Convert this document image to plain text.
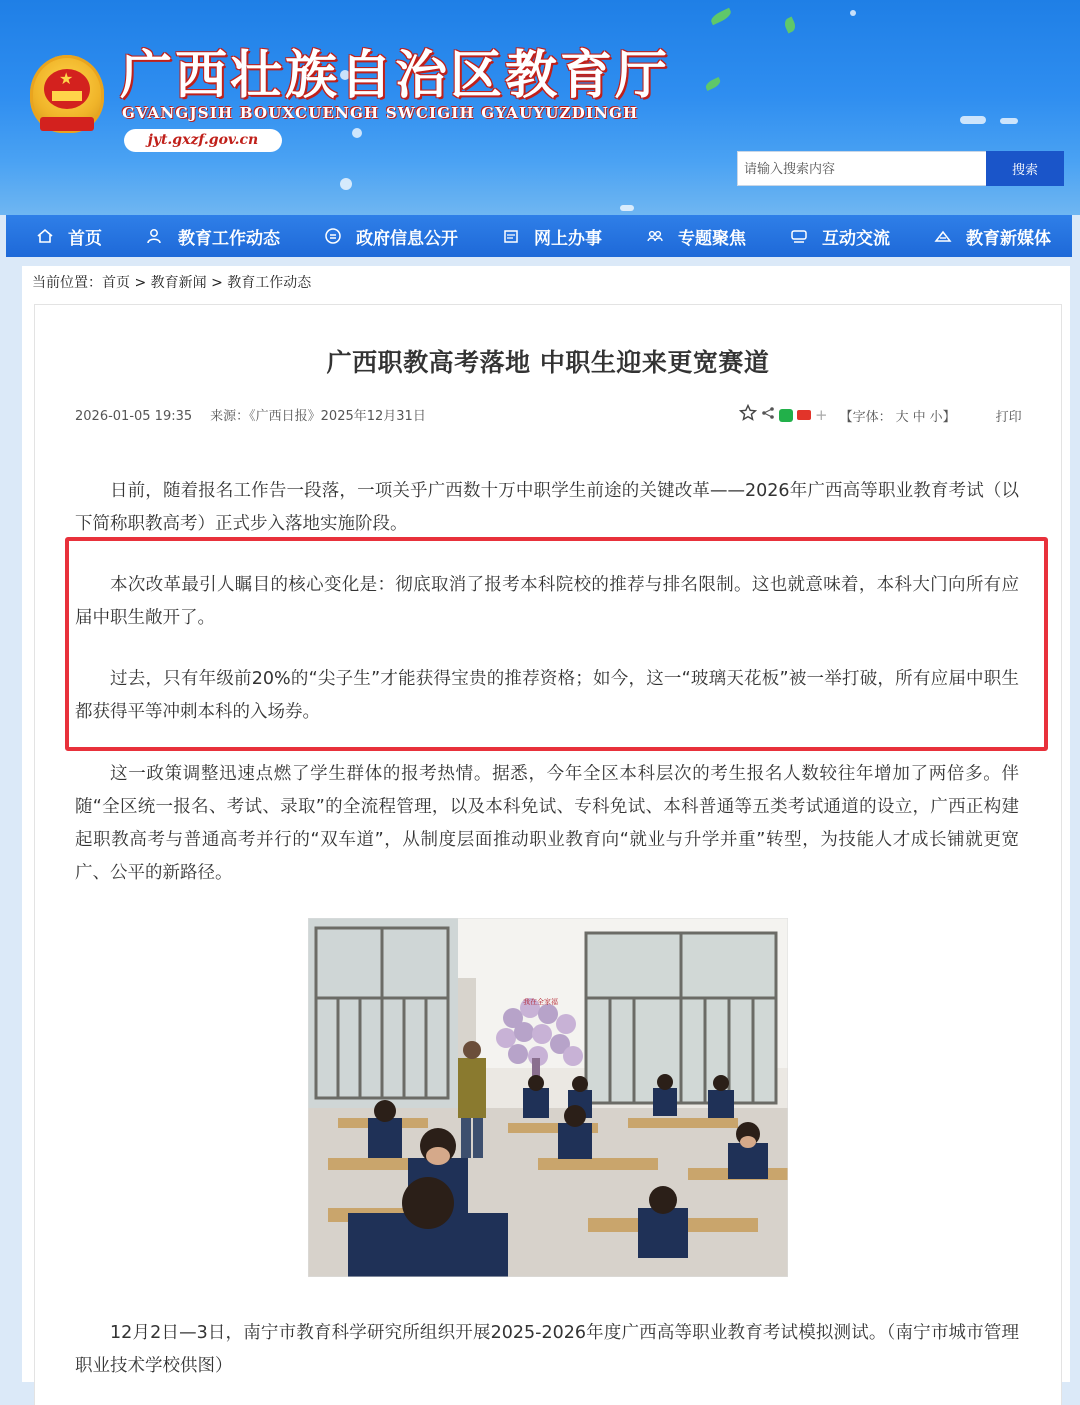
★ 广西壮族自治区教育厅
GVANGJSIH BOUXCUENGH SWCIGIH GYAUYUZDINGH
jyt.gxzf.gov.cn
请输入搜索内容
搜索
首页	教育工作动态	政府信息公开	网上办事	专题聚焦	互动交流	教育新媒体
当前位置：首页 > 教育新闻 > 教育工作动态
广西职教高考落地 中职生迎来更宽赛道
2026-01-05 19:35 来源：《广西日报》2025年12月31日	+ 【字体： 大 中 小】	打印

日前，随着报名工作告一段落，一项关乎广西数十万中职学生前途的关键改革——2026年广西高等职业教育考试（以下简称职教高考）正式步入落地实施阶段。

本次改革最引人瞩目的核心变化是：彻底取消了报考本科院校的推荐与排名限制。这也就意味着，本科大门向所有应届中职生敞开了。

过去，只有年级前20%的“尖子生”才能获得宝贵的推荐资格；如今，这一“玻璃天花板”被一举打破，所有应届中职生都获得平等冲刺本科的入场券。

这一政策调整迅速点燃了学生群体的报考热情。据悉，今年全区本科层次的考生报名人数较往年增加了两倍多。伴随“全区统一报名、考试、录取”的全流程管理，以及本科免试、专科免试、本科普通等五类考试通道的设立，广西正构建起职教高考与普通高考并行的“双车道”，从制度层面推动职业教育向“就业与升学并重”转型，为技能人才成长铺就更宽广、公平的新路径。

我在全家福

12月2日—3日，南宁市教育科学研究所组织开展2025-2026年度广西高等职业教育考试模拟测试。（南宁市城市管理职业技术学校供图）
